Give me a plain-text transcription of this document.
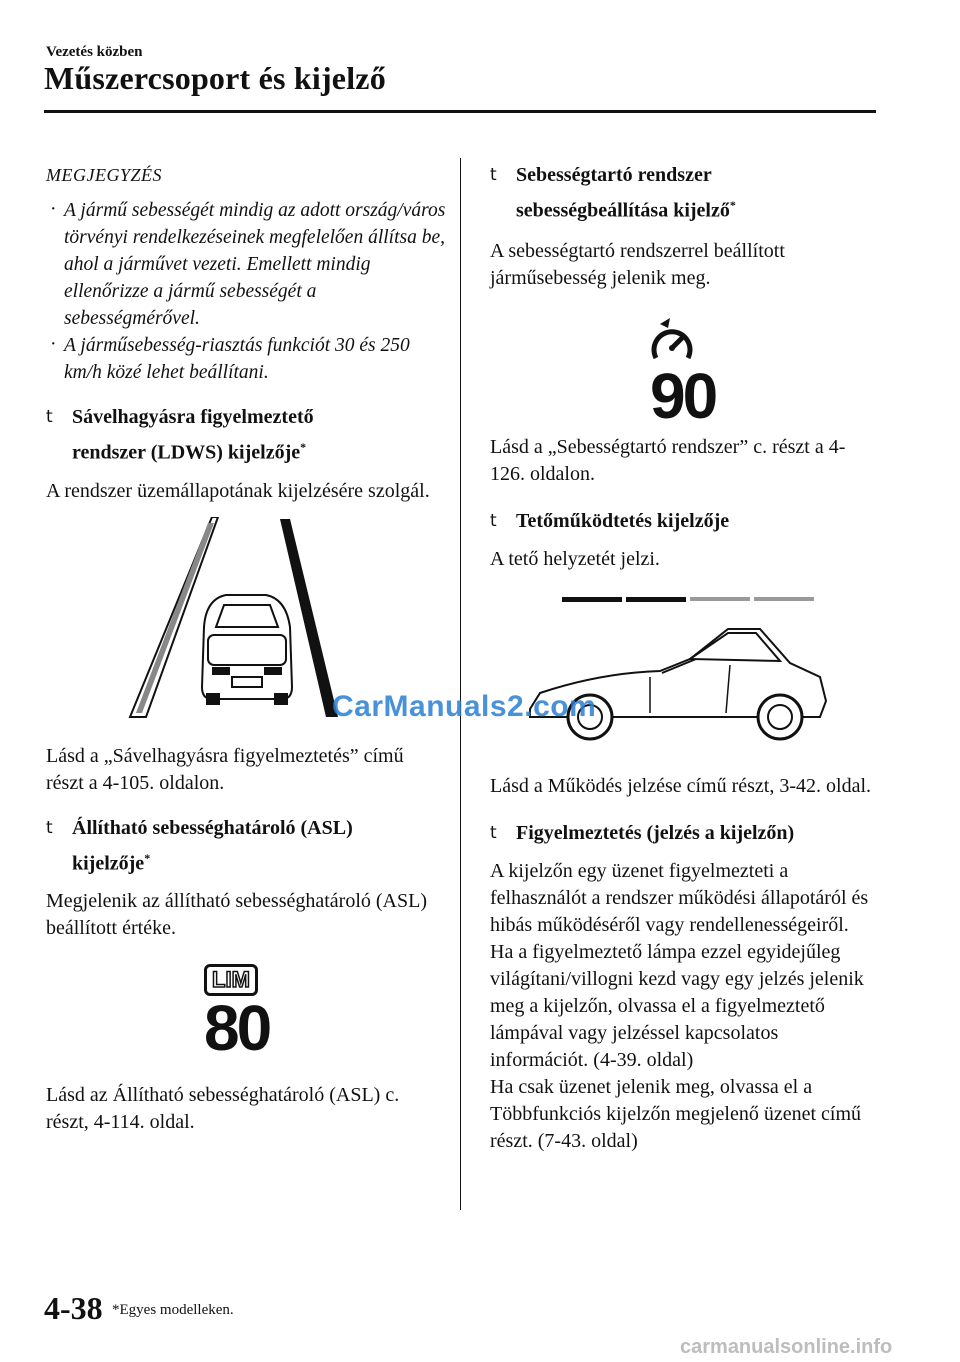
Vezetés közben
Műszercsoport és kijelző
MEGJEGYZÉS
· A jármű sebességét mindig az adott ország/város törvényi rendelkezéseinek megfelelően állítsa be, ahol a járművet vezeti. Emellett mindig ellenőrizze a jármű sebességét a sebességmérővel.
· A járműsebesség-riasztás funkciót 30 és 250 km/h közé lehet beállítani.
t Sávelhagyásra figyelmeztető
rendszer (LDWS) kijelzője*

A rendszer üzemállapotának kijelzésére szolgál.

Lásd a „Sávelhagyásra figyelmeztetés” című részt a 4-105. oldalon.

t Állítható sebességhatároló (ASL)
kijelzője*

Megjelenik az állítható sebességhatároló (ASL) beállított értéke.

LIM
80

Lásd az Állítható sebességhatároló (ASL) c. részt, 4-114. oldal.

t Sebességtartó rendszer
sebességbeállítása kijelző*

A sebességtartó rendszerrel beállított járműsebesség jelenik meg.

90

Lásd a „Sebességtartó rendszer” c. részt a 4-126. oldalon.

t Tetőműködtetés kijelzője

A tető helyzetét jelzi.

Lásd a Működés jelzése című részt, 3-42. oldal.

t Figyelmeztetés (jelzés a kijelzőn)

A kijelzőn egy üzenet figyelmezteti a felhasználót a rendszer működési állapotáról és hibás működéséről vagy rendellenességeiről.

Ha a figyelmeztető lámpa ezzel egyidejűleg világítani/villogni kezd vagy egy jelzés jelenik meg a kijelzőn, olvassa el a figyelmeztető lámpával vagy jelzéssel kapcsolatos információt. (4-39. oldal)

Ha csak üzenet jelenik meg, olvassa el a Többfunkciós kijelzőn megjelenő üzenet című részt. (7-43. oldal)

CarManuals2.com
4-38 *Egyes modelleken.
carmanualsonline.info
